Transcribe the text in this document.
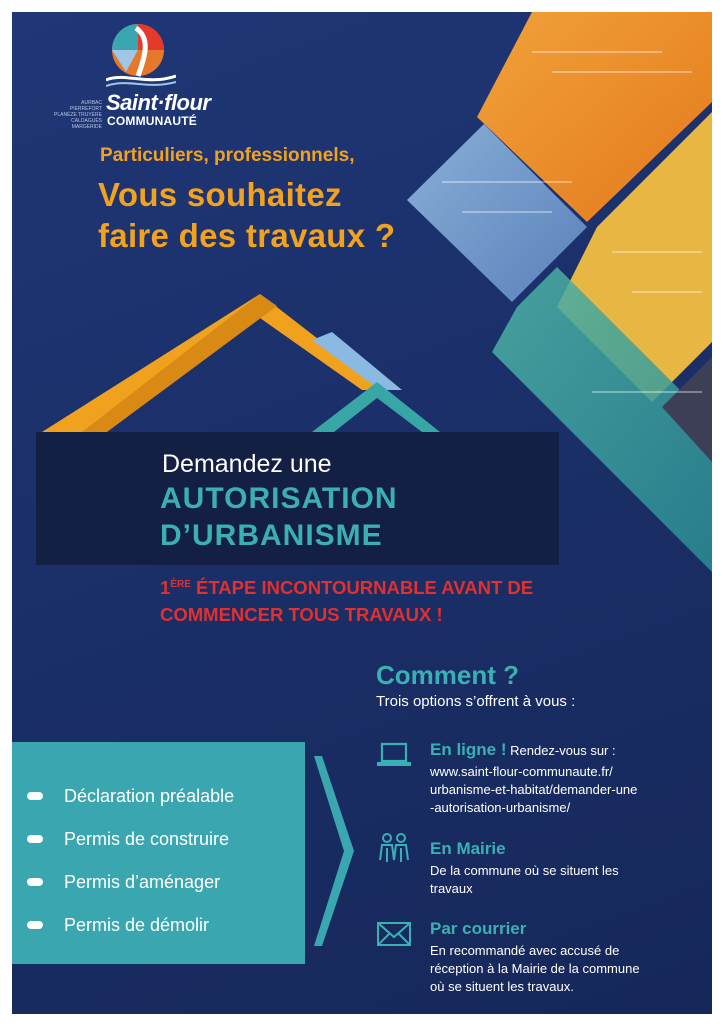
Saint·flour
COMMUNAUTÉ
AURBAC
PIERREFORT
PLANÈZE TRUYÈRE
CALDAGUÈS MARGERIDE
Particuliers, professionnels,
Vous souhaitez
faire des travaux ?
Demandez une
AUTORISATION
D’URBANISME
1ÈRE ÉTAPE INCONTOURNABLE AVANT DE
COMMENCER TOUS TRAVAUX !
Comment ?
Trois options s’offrent à vous :
Déclaration préalable
Permis de construire
Permis d’aménager
Permis de démolir
En ligne ! Rendez-vous sur :
www.saint-flour-communaute.fr/
urbanisme-et-habitat/demander-une
-autorisation-urbanisme/
En Mairie
De la commune où se situent les
travaux
Par courrier
En recommandé avec accusé de
réception à la Mairie de la commune
où se situent les travaux.
